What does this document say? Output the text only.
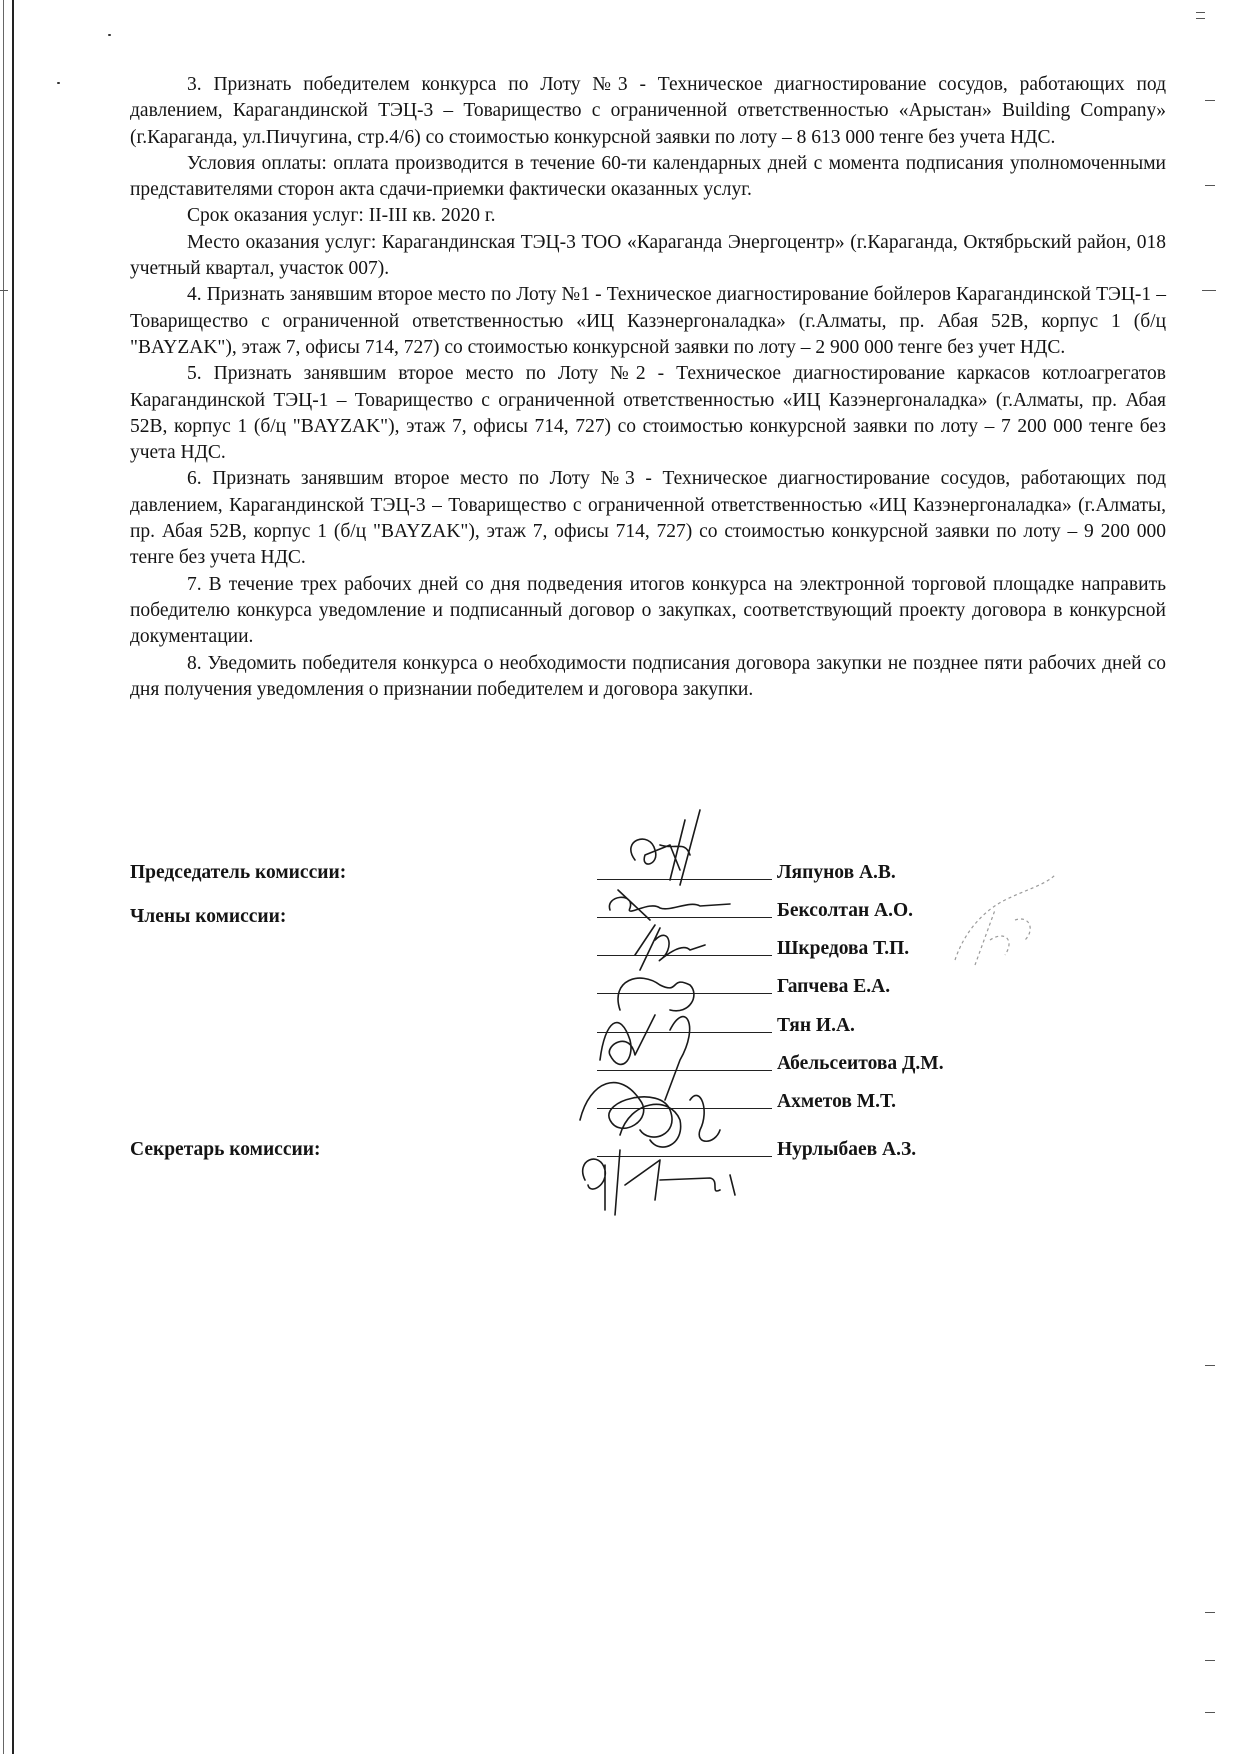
3. Признать победителем конкурса по Лоту №3 - Техническое диагностирование сосудов, работающих под давлением, Карагандинской ТЭЦ-3 – Товарищество с ограниченной ответственностью «Арыстан» Building Company» (г.Караганда, ул.Пичугина, стр.4/6) со стоимостью конкурсной заявки по лоту – 8 613 000 тенге без учета НДС.

Условия оплаты: оплата производится в течение 60-ти календарных дней с момента подписания уполномоченными представителями сторон акта сдачи-приемки фактически оказанных услуг.

Срок оказания услуг: II-III кв. 2020 г.

Место оказания услуг: Карагандинская ТЭЦ-3 ТОО «Караганда Энергоцентр» (г.Караганда, Октябрьский район, 018 учетный квартал, участок 007).

4. Признать занявшим второе место по Лоту №1 - Техническое диагностирование бойлеров Карагандинской ТЭЦ-1 – Товарищество с ограниченной ответственностью «ИЦ Казэнергоналадка» (г.Алматы, пр. Абая 52В, корпус 1 (б/ц "BAYZAK"), этаж 7, офисы 714, 727) со стоимостью конкурсной заявки по лоту – 2 900 000 тенге без учет НДС.

5. Признать занявшим второе место по Лоту №2 - Техническое диагностирование каркасов котлоагрегатов Карагандинской ТЭЦ-1 – Товарищество с ограниченной ответственностью «ИЦ Казэнергоналадка» (г.Алматы, пр. Абая 52В, корпус 1 (б/ц "BAYZAK"), этаж 7, офисы 714, 727) со стоимостью конкурсной заявки по лоту – 7 200 000 тенге без учета НДС.

6. Признать занявшим второе место по Лоту №3 - Техническое диагностирование сосудов, работающих под давлением, Карагандинской ТЭЦ-3 – Товарищество с ограниченной ответственностью «ИЦ Казэнергоналадка» (г.Алматы, пр. Абая 52В, корпус 1 (б/ц "BAYZAK"), этаж 7, офисы 714, 727) со стоимостью конкурсной заявки по лоту – 9 200 000 тенге без учета НДС.

7. В течение трех рабочих дней со дня подведения итогов конкурса на электронной торговой площадке направить победителю конкурса уведомление и подписанный договор о закупках, соответствующий проекту договора в конкурсной документации.

8. Уведомить победителя конкурса о необходимости подписания договора закупки не позднее пяти рабочих дней со дня получения уведомления о признании победителем и договора закупки.

Председатель комиссии:
Члены комиссии:
Секретарь комиссии:
Ляпунов А.В.
Бексолтан А.О.
Шкредова Т.П.
Гапчева Е.А.
Тян И.А.
Абельсеитова Д.М.
Ахметов М.Т.
Нурлыбаев А.З.
